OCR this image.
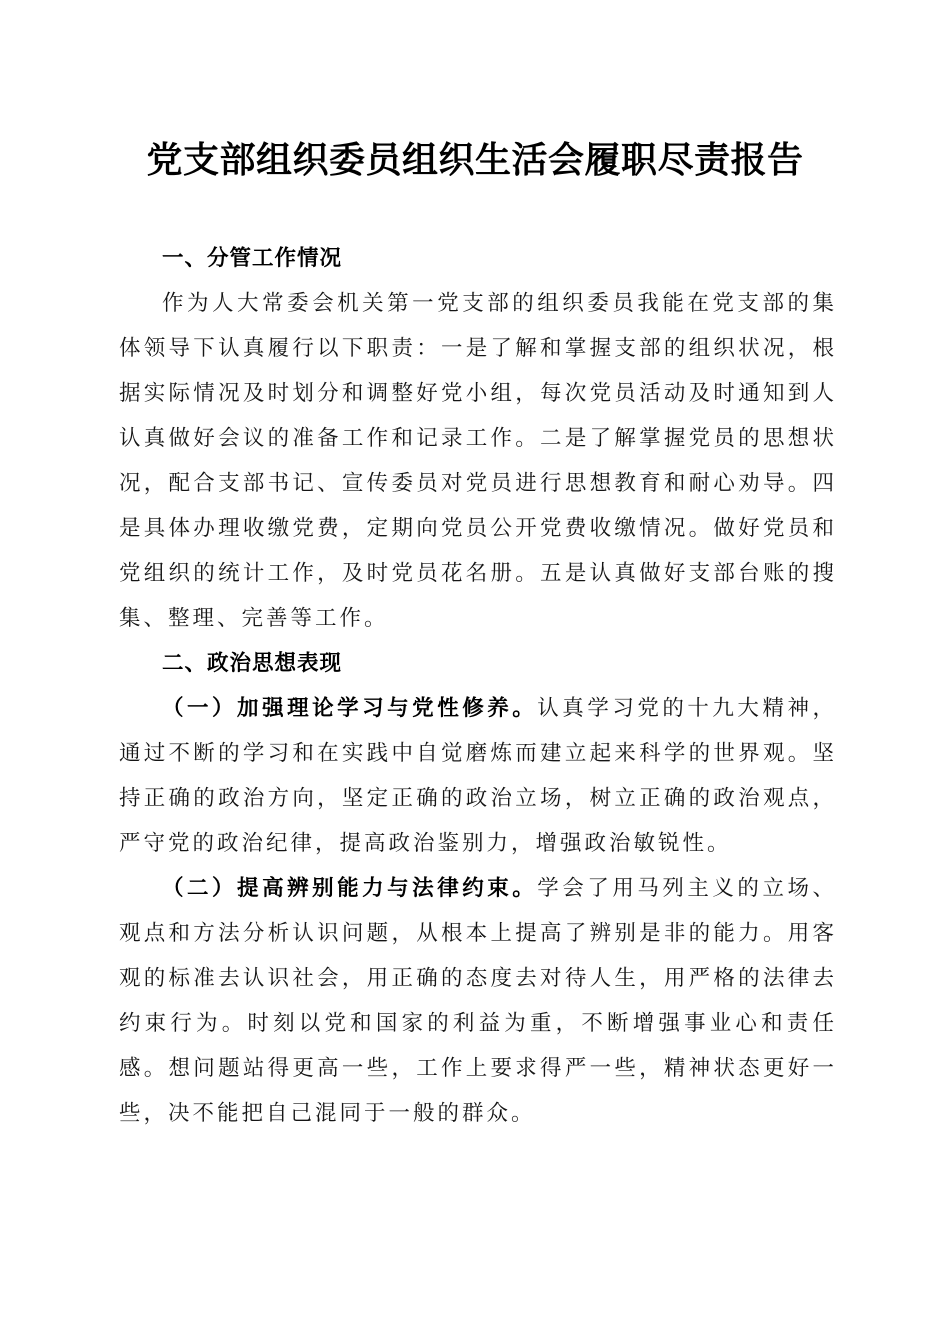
党支部组织委员组织生活会履职尽责报告

一、分管工作情况

作为人大常委会机关第一党支部的组织委员我能在党支部的集体领导下认真履行以下职责：一是了解和掌握支部的组织状况，根据实际情况及时划分和调整好党小组，每次党员活动及时通知到人认真做好会议的准备工作和记录工作。二是了解掌握党员的思想状况，配合支部书记、宣传委员对党员进行思想教育和耐心劝导。四是具体办理收缴党费，定期向党员公开党费收缴情况。做好党员和党组织的统计工作，及时党员花名册。五是认真做好支部台账的搜集、整理、完善等工作。

二、政治思想表现

（一）加强理论学习与党性修养。认真学习党的十九大精神，通过不断的学习和在实践中自觉磨炼而建立起来科学的世界观。坚持正确的政治方向，坚定正确的政治立场，树立正确的政治观点，严守党的政治纪律，提高政治鉴别力，增强政治敏锐性。

（二）提高辨别能力与法律约束。学会了用马列主义的立场、观点和方法分析认识问题，从根本上提高了辨别是非的能力。用客观的标准去认识社会，用正确的态度去对待人生，用严格的法律去约束行为。时刻以党和国家的利益为重，不断增强事业心和责任感。想问题站得更高一些，工作上要求得严一些，精神状态更好一些，决不能把自己混同于一般的群众。
